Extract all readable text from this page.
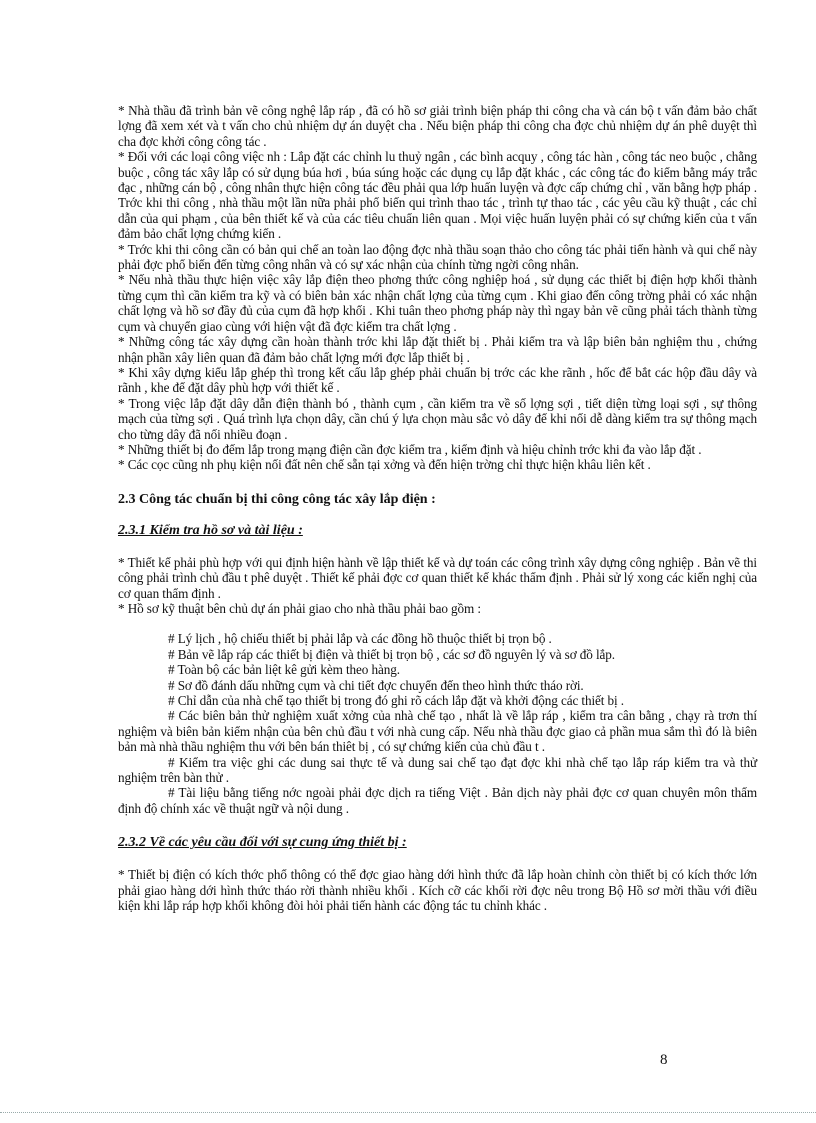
* Nhà thầu đã trình bản vẽ công nghệ lắp ráp , đã có hồ sơ giải trình biện pháp thi công cha và cán bộ t vấn đảm bảo chất lợng đã xem xét và t vấn cho chủ nhiệm dự án duyệt cha . Nếu biện pháp thi công cha đợc chủ nhiệm dự án phê duyệt thì cha đợc khởi công công tác .

* Đối với các loại công việc nh : Lắp đặt các chỉnh lu thuỷ ngân , các bình acquy , công tác hàn , công tác neo buộc , chằng buộc , công tác xây lắp có sử dụng búa hơi , búa súng hoặc các dụng cụ lắp đặt khác , các công tác đo kiểm bằng máy trắc đạc , những cán bộ , công nhân thực hiện công tác đều phải qua lớp huấn luyện và đợc cấp chứng chỉ , văn bằng hợp pháp . Trớc khi thi công , nhà thầu một lần nữa phải phổ biến qui trình thao tác , trình tự thao tác , các yêu cầu kỹ thuật , các chỉ dẫn của qui phạm , của bên thiết kế và của các tiêu chuẩn liên quan . Mọi việc huấn luyện phải có sự chứng kiến của t vấn đảm bảo chất lợng chứng kiến .

* Trớc khi thi công cần có bản qui chế an toàn lao động đợc nhà thầu soạn thảo cho công tác phải tiến hành và qui chế này phải đợc phổ biến đến từng công nhân và có sự xác nhận của chính từng ngời công nhân.

* Nếu nhà thầu thực hiện việc xây lắp điện theo phơng thức công nghiệp hoá , sử dụng các thiết bị điện hợp khối thành từng cụm thì cần kiểm tra kỹ và có biên bản xác nhận chất lợng của từng cụm . Khi giao đến công trờng phải có xác nhận chất lợng và hồ sơ đầy đủ của cụm đã hợp khối . Khi tuân theo phơng pháp này thì ngay bản vẽ cũng phải tách thành từng cụm và chuyển giao cùng với hiện vật đã đợc kiểm tra chất lợng .

* Những công tác xây dựng cần hoàn thành trớc khi lắp đặt thiết bị . Phải kiểm tra và lập biên bản nghiệm thu , chứng nhận phần xây liên quan đã đảm bảo chất lợng mới đợc lắp thiết bị .

* Khi xây dựng kiểu lắp ghép thì trong kết cấu lắp ghép phải chuẩn bị trớc các khe rãnh , hốc để bắt các hộp đầu dây và rãnh , khe để đặt dây phù hợp với thiết kế .

* Trong việc lắp đặt dây dẫn điện thành bó , thành cụm , cần kiểm tra về số lợng sợi , tiết diện từng loại sợi , sự thông mạch của từng sợi . Quá trình lựa chọn dây, cần chú ý lựa chọn màu sắc vỏ dây để khi nối dễ dàng kiểm tra sự thông mạch cho từng dây đã nối nhiều đoạn .

* Những thiết bị đo đếm lắp trong mạng điện cần đợc kiểm tra , kiểm định và hiệu chỉnh trớc khi đa vào lắp đặt .

* Các cọc cũng nh phụ kiện nối đất nên chế sẵn tại xởng và đến hiện trờng chỉ thực hiện khâu liên kết .

2.3 Công tác chuẩn bị thi công công tác xây lắp điện :

2.3.1 Kiểm tra hồ sơ và tài liệu :

* Thiết kế phải phù hợp với qui định hiện hành về lập thiết kế và dự toán các công trình xây dựng công nghiệp . Bản vẽ thi công phải trình chủ đầu t phê duyệt . Thiết kế phải đợc cơ quan thiết kế khác thẩm định . Phải sử lý xong các kiến nghị của cơ quan thẩm định .

* Hồ sơ kỹ thuật bên chủ dự án phải giao cho nhà thầu phải bao gồm :

# Lý lịch , hộ chiếu thiết bị phải lắp và các đồng hồ thuộc thiết bị trọn bộ .

# Bản vẽ lắp ráp các thiết bị điện và thiết bị trọn bộ , các sơ đồ nguyên lý và sơ đồ lắp.

# Toàn bộ các bản liệt kê gửi kèm theo hàng.

# Sơ đồ đánh dấu những cụm và chi tiết đợc chuyển đến theo hình thức tháo rời.

# Chỉ dẫn của nhà chế tạo thiết bị trong đó ghi rõ cách lắp đặt và khởi động các thiết bị .

# Các biên bản thử nghiệm xuất xởng của nhà chế tạo , nhất là về lắp ráp , kiểm tra cân bằng , chạy rà trơn thí nghiệm và biên bản kiểm nhận của bên chủ đầu t với nhà cung cấp. Nếu nhà thầu đợc giao cả phần mua sắm thì đó là biên bản mà nhà thầu nghiệm thu với bên bán thiêt bị , có sự chứng kiến của chủ đầu t .

# Kiểm tra việc ghi các dung sai thực tế và dung sai chế tạo đạt đợc khi nhà chế tạo lắp ráp kiểm tra và thử nghiệm trên bàn thử .

# Tài liệu bằng tiếng nớc ngoài phải đợc dịch ra tiếng Việt . Bản dịch này phải đợc cơ quan chuyên môn thẩm định độ chính xác về thuật ngữ và nội dung .

2.3.2 Về các yêu cầu đối với sự cung ứng thiết bị :

* Thiết bị điện có kích thớc phổ thông có thể đợc giao hàng dới hình thức đã lắp hoàn chỉnh còn thiết bị có kích thớc lớn phải giao hàng dới hình thức tháo rời thành nhiều khối . Kích cỡ các khối rời đợc nêu trong Bộ Hồ sơ mời thầu với điều kiện khi lắp ráp hợp khối không đòi hỏi phải tiến hành các động tác tu chỉnh khác .

8
